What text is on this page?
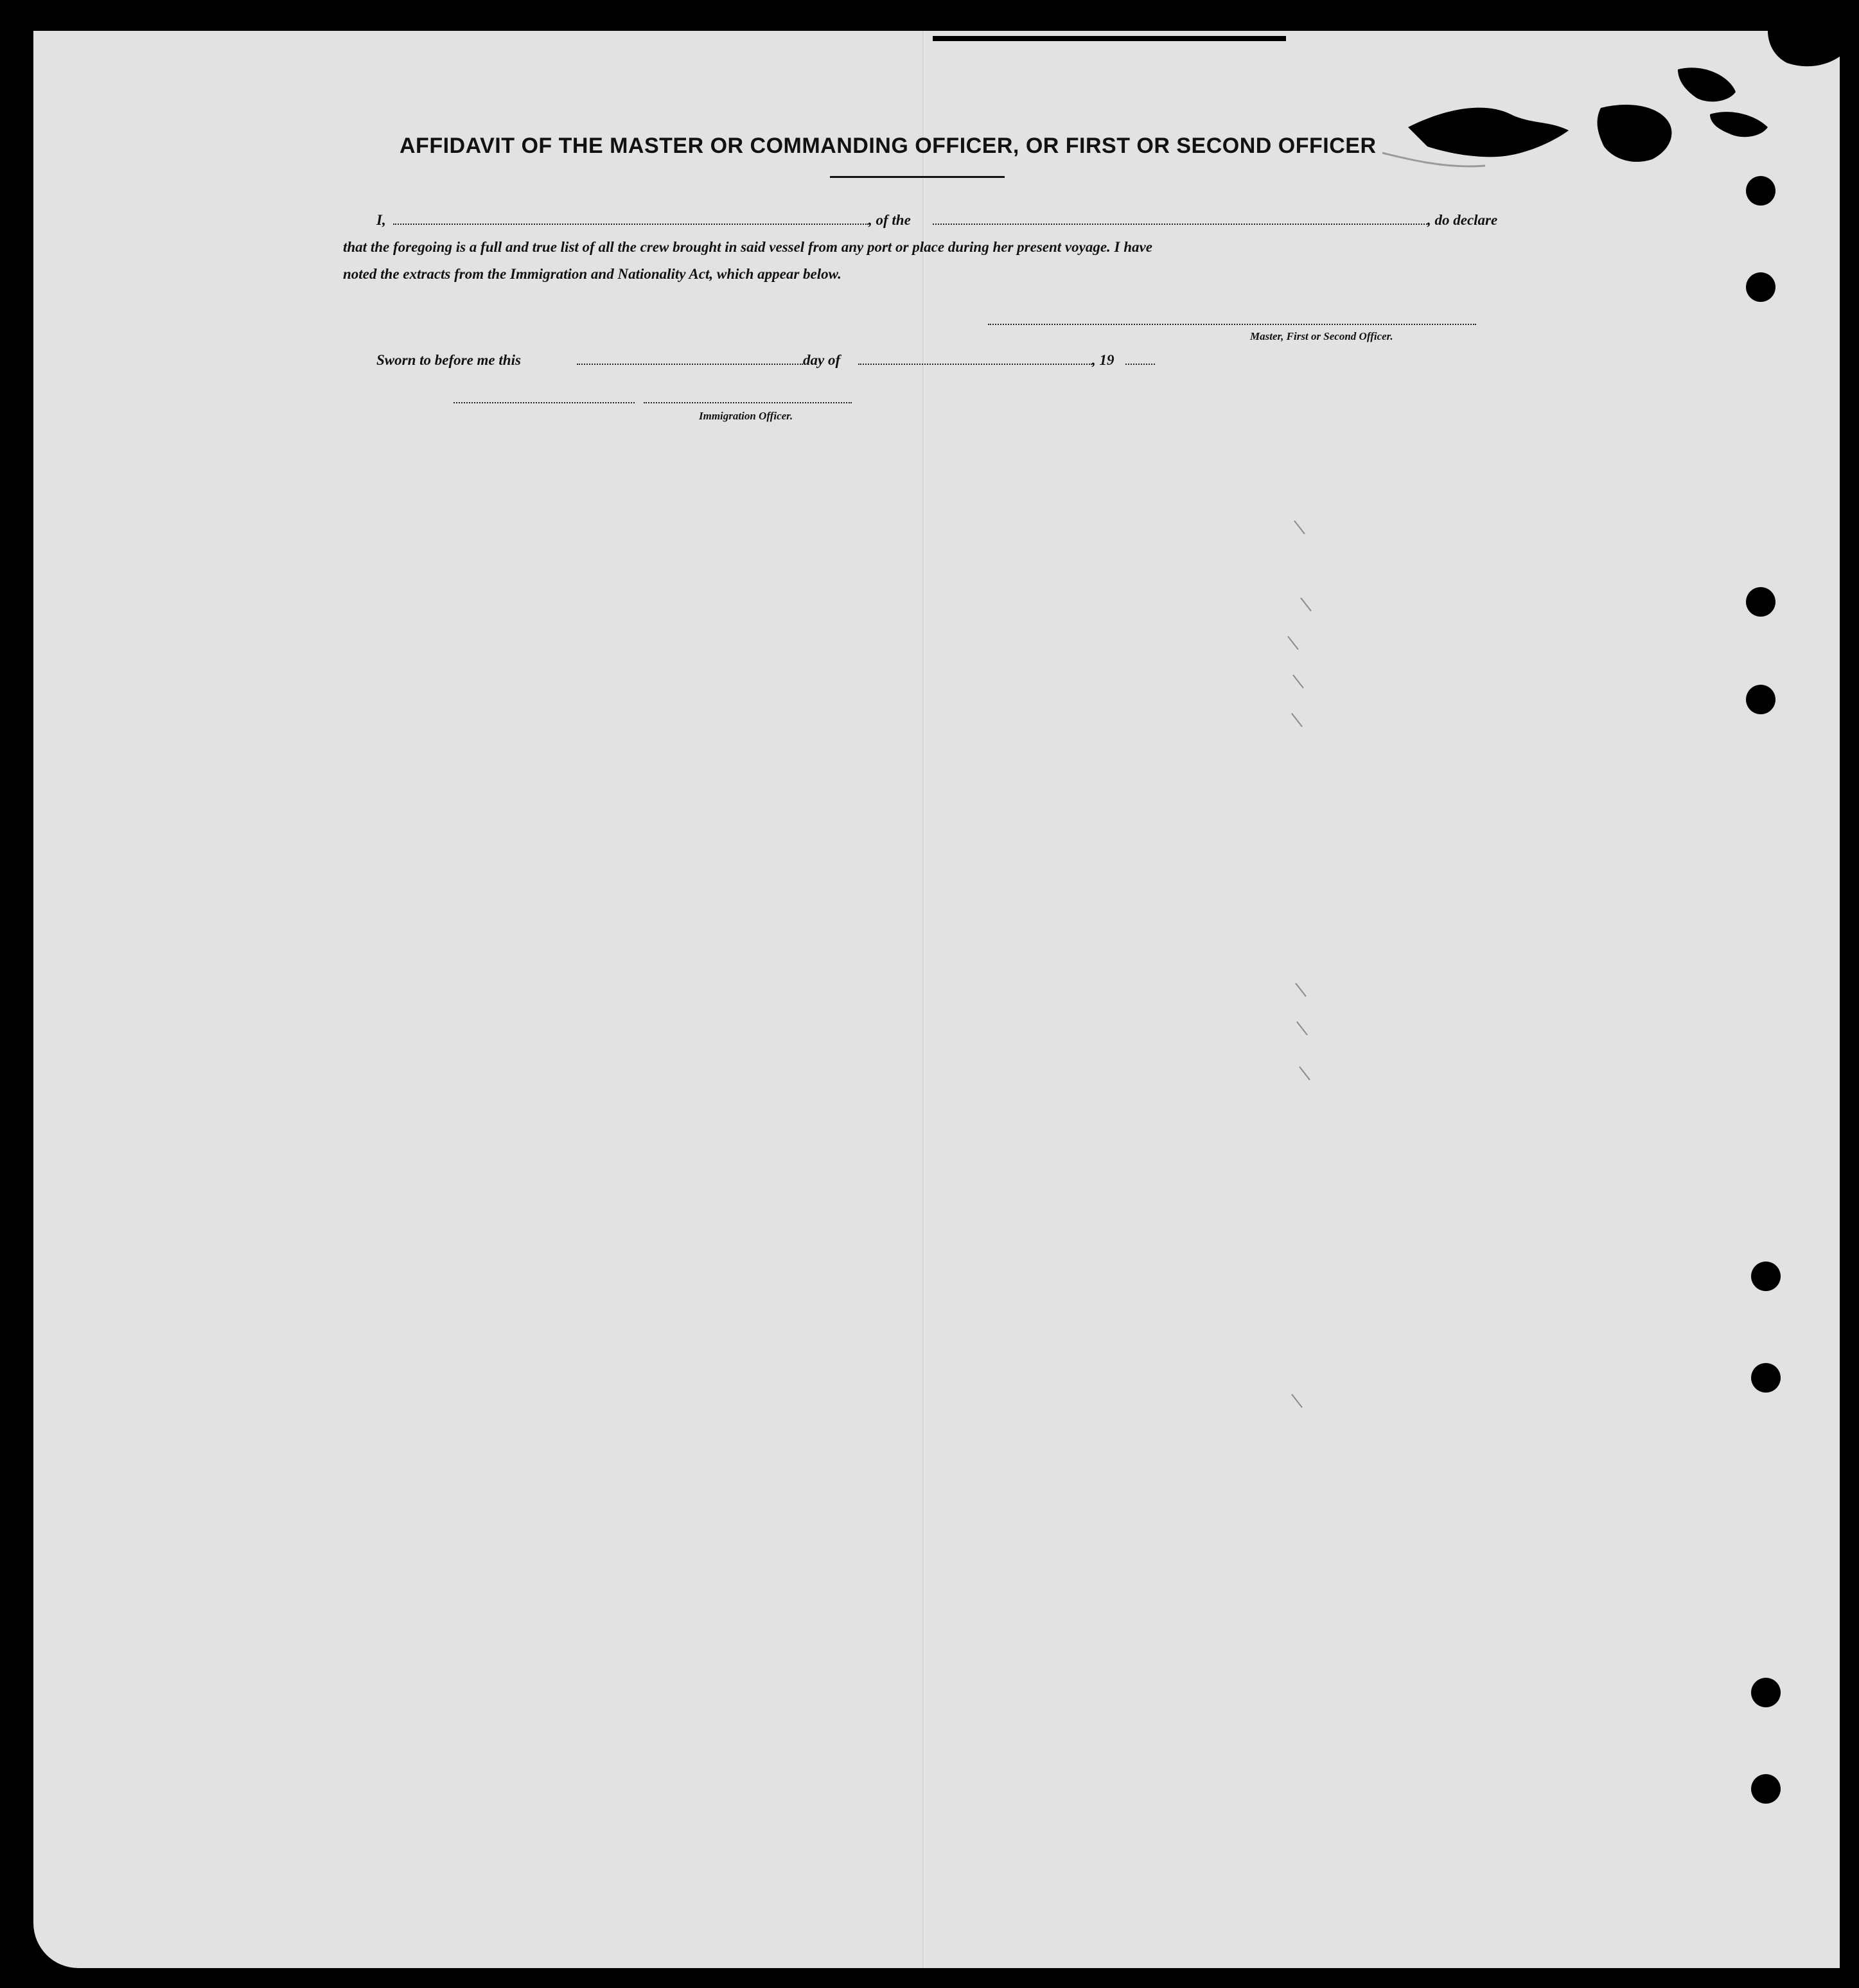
AFFIDAVIT OF THE MASTER OR COMMANDING OFFICER, OR FIRST OR SECOND OFFICER
I,	, of the	, do declare
that the foregoing is a full and true list of all the crew brought in said vessel from any port or place during her present voyage. I have
noted the extracts from the Immigration and Nationality Act, which appear below.
Master, First or Second Officer.
Sworn to before me this	day of	, 19
Immigration Officer.
